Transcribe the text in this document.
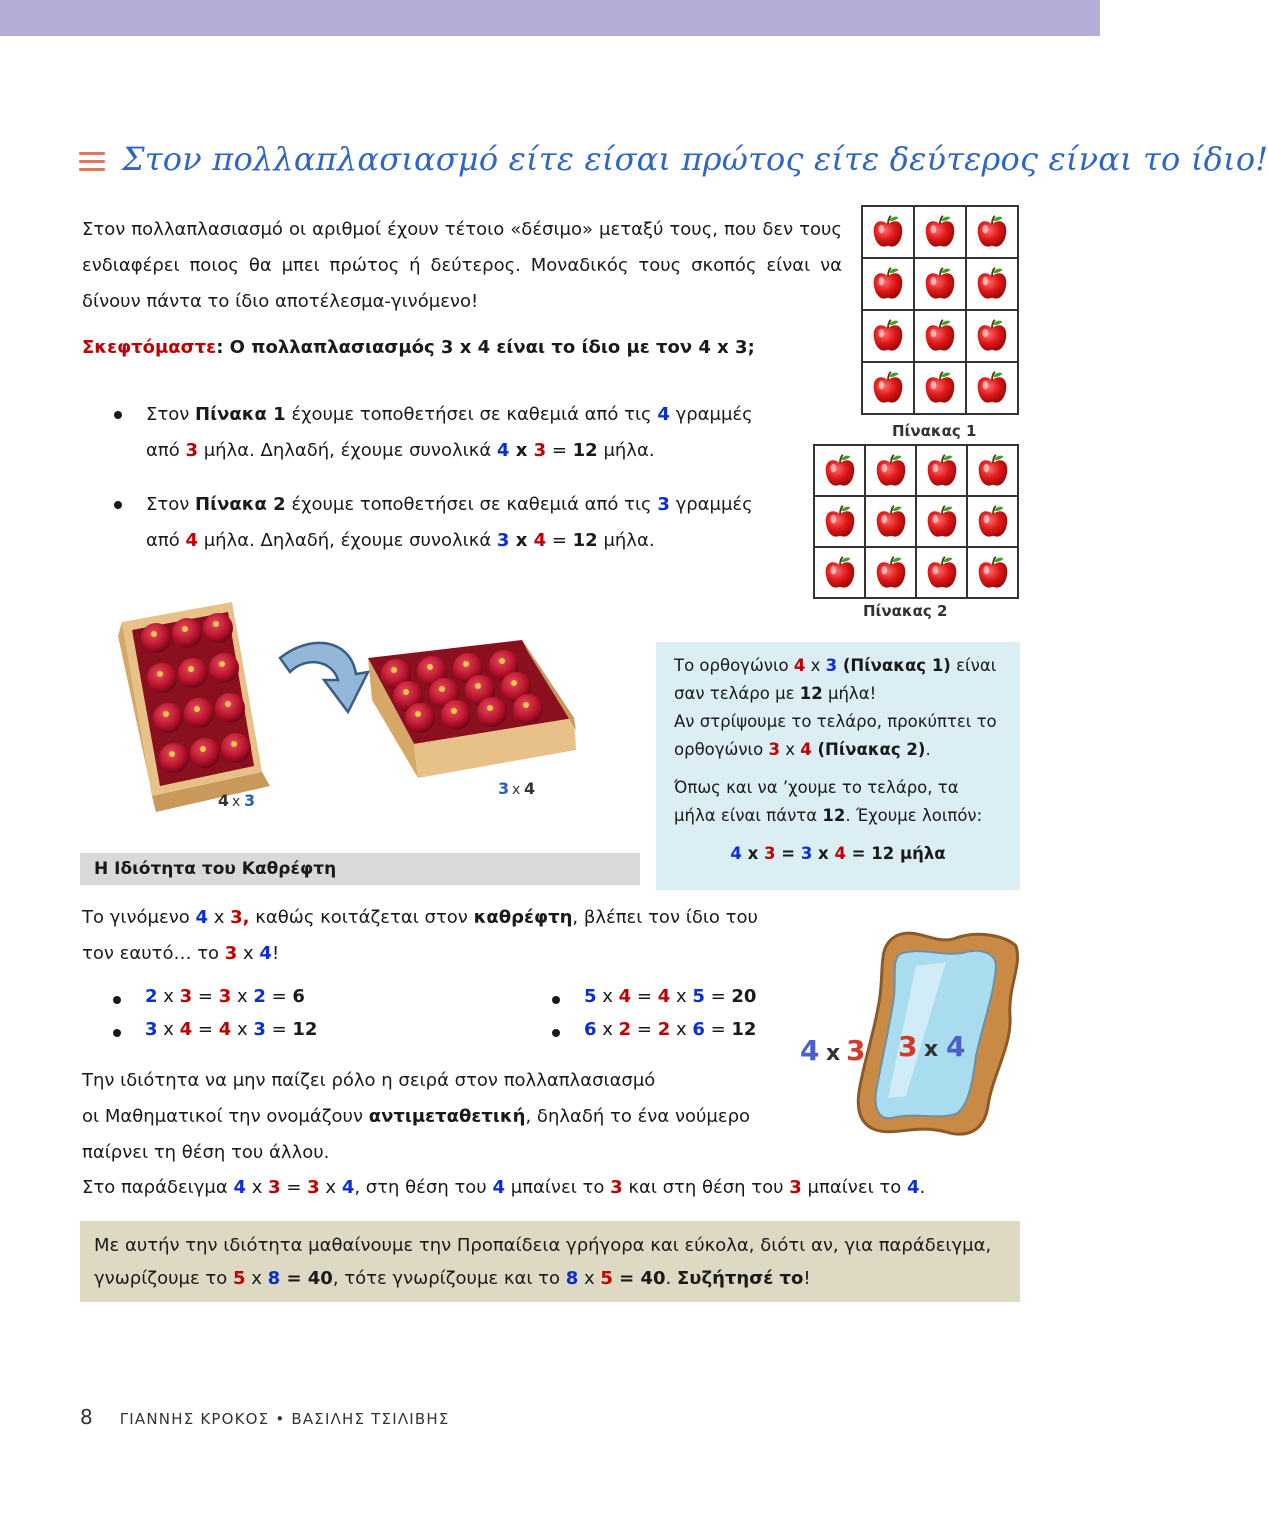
Στον πολλαπλασιασμό είτε είσαι πρώτος είτε δεύτερος είναι το ίδιο!
Στον πολλαπλασιασμό οι αριθμοί έχουν τέτοιο «δέσιμο» μεταξύ τους, που δεν τους ενδιαφέρει ποιος θα μπει πρώτος ή δεύτερος. Μοναδικός τους σκοπός είναι να δίνουν πάντα το ίδιο αποτέλεσμα-γινόμενο!
Σκεφτόμαστε: Ο πολλαπλασιασμός 3 x 4 είναι το ίδιο με τον 4 x 3;
Στον Πίνακα 1 έχουμε τοποθετήσει σε καθεμιά από τις 4 γραμμές από 3 μήλα. Δηλαδή, έχουμε συνολικά 4 x 3 = 12 μήλα.
Στον Πίνακα 2 έχουμε τοποθετήσει σε καθεμιά από τις 3 γραμμές από 4 μήλα. Δηλαδή, έχουμε συνολικά 3 x 4 = 12 μήλα.
Πίνακας 1
Πίνακας 2
4 x 3
3 x 4
Το ορθογώνιο 4 x 3 (Πίνακας 1) είναι σαν τελάρο με 12 μήλα!
Αν στρίψουμε το τελάρο, προκύπτει το ορθογώνιο 3 x 4 (Πίνακας 2).
Όπως και να ’χουμε το τελάρο, τα μήλα είναι πάντα 12. Έχουμε λοιπόν:
4 x 3 = 3 x 4 = 12 μήλα
Η Ιδιότητα του Καθρέφτη
Το γινόμενο 4 x 3, καθώς κοιτάζεται στον καθρέφτη, βλέπει τον ίδιο του τον εαυτό… το 3 x 4!
2 x 3 = 3 x 2 = 6
3 x 4 = 4 x 3 = 12
5 x 4 = 4 x 5 = 20
6 x 2 = 2 x 6 = 12
4 x 3 3 x 4
Την ιδιότητα να μην παίζει ρόλο η σειρά στον πολλαπλασιασμό
οι Μαθηματικοί την ονομάζουν αντιμεταθετική, δηλαδή το ένα νούμερο
παίρνει τη θέση του άλλου.
Στο παράδειγμα 4 x 3 = 3 x 4, στη θέση του 4 μπαίνει το 3 και στη θέση του 3 μπαίνει το 4.
Με αυτήν την ιδιότητα μαθαίνουμε την Προπαίδεια γρήγορα και εύκολα, διότι αν, για παράδειγμα, γνωρίζουμε το 5 x 8 = 40, τότε γνωρίζουμε και το 8 x 5 = 40. Συζήτησέ το!
8 ΓΙΑΝΝΗΣ ΚΡΟΚΟΣ • ΒΑΣΙΛΗΣ ΤΣΙΛΙΒΗΣ
